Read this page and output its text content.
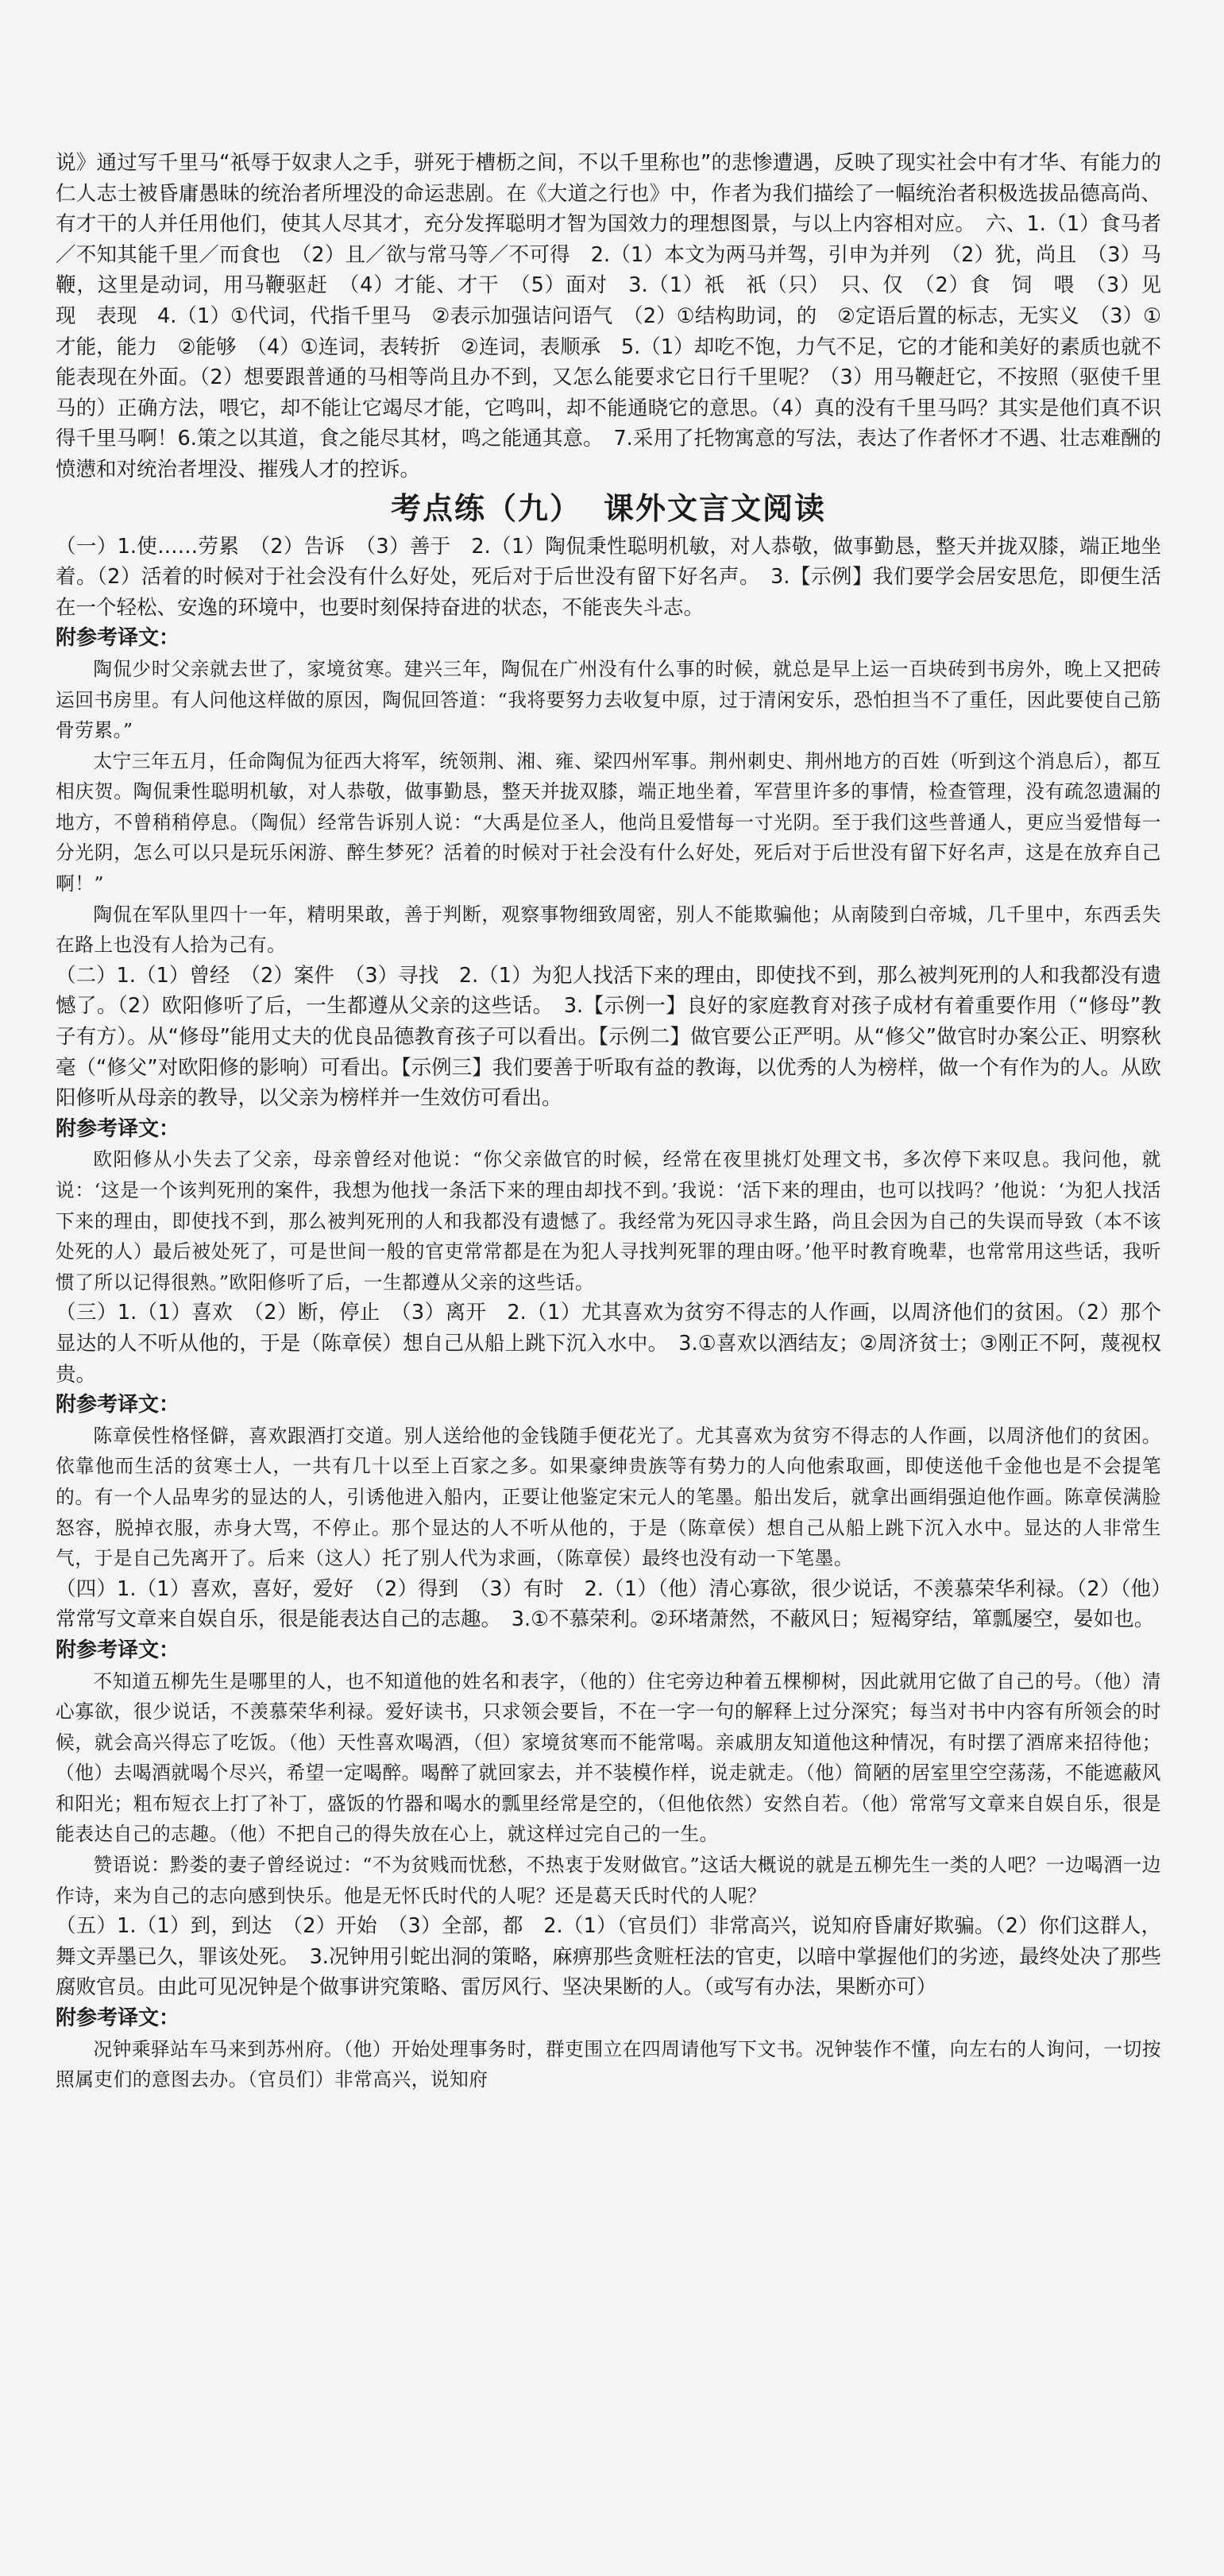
说》通过写千里马“祇辱于奴隶人之手，骈死于槽枥之间，不以千里称也”的悲惨遭遇，反映了现实社会中有才华、有能力的仁人志士被昏庸愚昧的统治者所埋没的命运悲剧。在《大道之行也》中，作者为我们描绘了一幅统治者积极选拔品德高尚、有才干的人并任用他们，使其人尽其才，充分发挥聪明才智为国效力的理想图景，与以上内容相对应。　六、1.（1）食马者／不知其能千里／而食也　（2）且／欲与常马等／不可得　2.（1）本文为两马并驾，引申为并列　（2）犹，尚且　（3）马鞭，这里是动词，用马鞭驱赶　（4）才能、才干　（5）面对　3.（1）祇　祇（只）　只、仅　（2）食　饲　喂　（3）见　现　表现　4.（1）①代词，代指千里马　②表示加强诘问语气　（2）①结构助词，的　②定语后置的标志，无实义　（3）①才能，能力　②能够　（4）①连词，表转折　②连词，表顺承　5.（1）却吃不饱，力气不足，它的才能和美好的素质也就不能表现在外面。（2）想要跟普通的马相等尚且办不到，又怎么能要求它日行千里呢？（3）用马鞭赶它，不按照（驱使千里马的）正确方法，喂它，却不能让它竭尽才能，它鸣叫，却不能通晓它的意思。（4）真的没有千里马吗？其实是他们真不识得千里马啊！6.策之以其道，食之能尽其材，鸣之能通其意。　7.采用了托物寓意的写法，表达了作者怀才不遇、壮志难酬的愤懑和对统治者埋没、摧残人才的控诉。

考点练（九） 课外文言文阅读

（一）1.使……劳累　（2）告诉　（3）善于　2.（1）陶侃秉性聪明机敏，对人恭敬，做事勤恳，整天并拢双膝，端正地坐着。（2）活着的时候对于社会没有什么好处，死后对于后世没有留下好名声。　3.【示例】我们要学会居安思危，即便生活在一个轻松、安逸的环境中，也要时刻保持奋进的状态，不能丧失斗志。

附参考译文：

陶侃少时父亲就去世了，家境贫寒。建兴三年，陶侃在广州没有什么事的时候，就总是早上运一百块砖到书房外，晚上又把砖运回书房里。有人问他这样做的原因，陶侃回答道：“我将要努力去收复中原，过于清闲安乐，恐怕担当不了重任，因此要使自己筋骨劳累。”

太宁三年五月，任命陶侃为征西大将军，统领荆、湘、雍、梁四州军事。荆州刺史、荆州地方的百姓（听到这个消息后），都互相庆贺。陶侃秉性聪明机敏，对人恭敬，做事勤恳，整天并拢双膝，端正地坐着，军营里许多的事情，检查管理，没有疏忽遗漏的地方，不曾稍稍停息。（陶侃）经常告诉别人说：“大禹是位圣人，他尚且爱惜每一寸光阴。至于我们这些普通人，更应当爱惜每一分光阴，怎么可以只是玩乐闲游、醉生梦死？活着的时候对于社会没有什么好处，死后对于后世没有留下好名声，这是在放弃自己啊！”

陶侃在军队里四十一年，精明果敢，善于判断，观察事物细致周密，别人不能欺骗他；从南陵到白帝城，几千里中，东西丢失在路上也没有人拾为己有。

（二）1.（1）曾经　（2）案件　（3）寻找　2.（1）为犯人找活下来的理由，即使找不到，那么被判死刑的人和我都没有遗憾了。（2）欧阳修听了后，一生都遵从父亲的这些话。　3.【示例一】良好的家庭教育对孩子成材有着重要作用（“修母”教子有方）。从“修母”能用丈夫的优良品德教育孩子可以看出。【示例二】做官要公正严明。从“修父”做官时办案公正、明察秋毫（“修父”对欧阳修的影响）可看出。【示例三】我们要善于听取有益的教诲，以优秀的人为榜样，做一个有作为的人。从欧阳修听从母亲的教导，以父亲为榜样并一生效仿可看出。

附参考译文：

欧阳修从小失去了父亲，母亲曾经对他说：“你父亲做官的时候，经常在夜里挑灯处理文书，多次停下来叹息。我问他，就说：‘这是一个该判死刑的案件，我想为他找一条活下来的理由却找不到。’我说：‘活下来的理由，也可以找吗？’他说：‘为犯人找活下来的理由，即使找不到，那么被判死刑的人和我都没有遗憾了。我经常为死囚寻求生路，尚且会因为自己的失误而导致（本不该处死的人）最后被处死了，可是世间一般的官吏常常都是在为犯人寻找判死罪的理由呀。’他平时教育晚辈，也常常用这些话，我听惯了所以记得很熟。”欧阳修听了后，一生都遵从父亲的这些话。

（三）1.（1）喜欢　（2）断，停止　（3）离开　2.（1）尤其喜欢为贫穷不得志的人作画，以周济他们的贫困。（2）那个显达的人不听从他的，于是（陈章侯）想自己从船上跳下沉入水中。　3.①喜欢以酒结友；②周济贫士；③刚正不阿，蔑视权贵。

附参考译文：

陈章侯性格怪僻，喜欢跟酒打交道。别人送给他的金钱随手便花光了。尤其喜欢为贫穷不得志的人作画，以周济他们的贫困。依靠他而生活的贫寒士人，一共有几十以至上百家之多。如果豪绅贵族等有势力的人向他索取画，即使送他千金他也是不会提笔的。有一个人品卑劣的显达的人，引诱他进入船内，正要让他鉴定宋元人的笔墨。船出发后，就拿出画绢强迫他作画。陈章侯满脸怒容，脱掉衣服，赤身大骂，不停止。那个显达的人不听从他的，于是（陈章侯）想自己从船上跳下沉入水中。显达的人非常生气，于是自己先离开了。后来（这人）托了别人代为求画，（陈章侯）最终也没有动一下笔墨。

（四）1.（1）喜欢，喜好，爱好　（2）得到　（3）有时　2.（1）（他）清心寡欲，很少说话，不羡慕荣华利禄。（2）（他）常常写文章来自娱自乐，很是能表达自己的志趣。　3.①不慕荣利。②环堵萧然，不蔽风日；短褐穿结，箪瓢屡空，晏如也。

附参考译文：

不知道五柳先生是哪里的人，也不知道他的姓名和表字，（他的）住宅旁边种着五棵柳树，因此就用它做了自己的号。（他）清心寡欲，很少说话，不羡慕荣华利禄。爱好读书，只求领会要旨，不在一字一句的解释上过分深究；每当对书中内容有所领会的时候，就会高兴得忘了吃饭。（他）天性喜欢喝酒，（但）家境贫寒而不能常喝。亲戚朋友知道他这种情况，有时摆了酒席来招待他；（他）去喝酒就喝个尽兴，希望一定喝醉。喝醉了就回家去，并不装模作样，说走就走。（他）简陋的居室里空空荡荡，不能遮蔽风和阳光；粗布短衣上打了补丁，盛饭的竹器和喝水的瓢里经常是空的，（但他依然）安然自若。（他）常常写文章来自娱自乐，很是能表达自己的志趣。（他）不把自己的得失放在心上，就这样过完自己的一生。

赞语说：黔娄的妻子曾经说过：“不为贫贱而忧愁，不热衷于发财做官。”这话大概说的就是五柳先生一类的人吧？一边喝酒一边作诗，来为自己的志向感到快乐。他是无怀氏时代的人呢？还是葛天氏时代的人呢？

（五）1.（1）到，到达　（2）开始　（3）全部，都　2.（1）（官员们）非常高兴，说知府昏庸好欺骗。（2）你们这群人，舞文弄墨已久，罪该处死。　3.况钟用引蛇出洞的策略，麻痹那些贪赃枉法的官吏，以暗中掌握他们的劣迹，最终处决了那些腐败官员。由此可见况钟是个做事讲究策略、雷厉风行、坚决果断的人。（或写有办法，果断亦可）

附参考译文：

况钟乘驿站车马来到苏州府。（他）开始处理事务时，群吏围立在四周请他写下文书。况钟装作不懂，向左右的人询问，一切按照属吏们的意图去办。（官员们）非常高兴，说知府
